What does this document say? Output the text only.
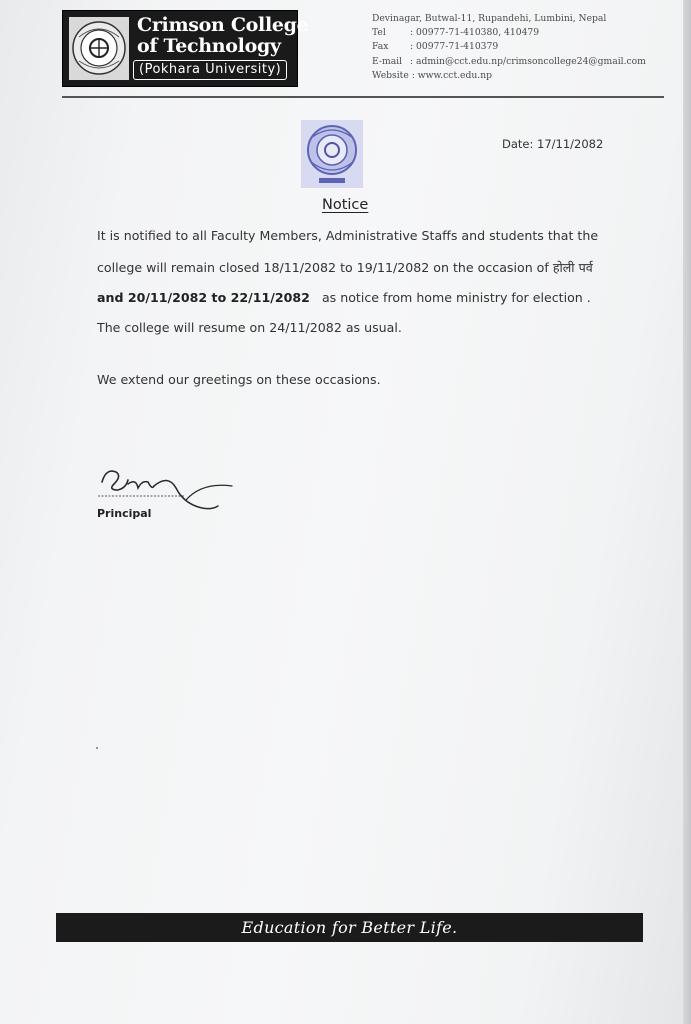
Crimson College
of Technology
(Pokhara University)
Devinagar, Butwal-11, Rupandehi, Lumbini, Nepal
Tel	: 00977-71-410380, 410479
Fax : 00977-71-410379
E-mail : admin@cct.edu.np/crimsoncollege24@gmail.com
Website : www.cct.edu.np
Date: 17/11/2082
Notice
It is notified to all Faculty Members, Administrative Staffs and students that the
college will remain closed 18/11/2082 to 19/11/2082 on the occasion of होली पर्व
and 20/11/2082 to 22/11/2082 as notice from home ministry for election .
The college will resume on 24/11/2082 as usual.
We extend our greetings on these occasions.
Principal
Education for Better Life.
